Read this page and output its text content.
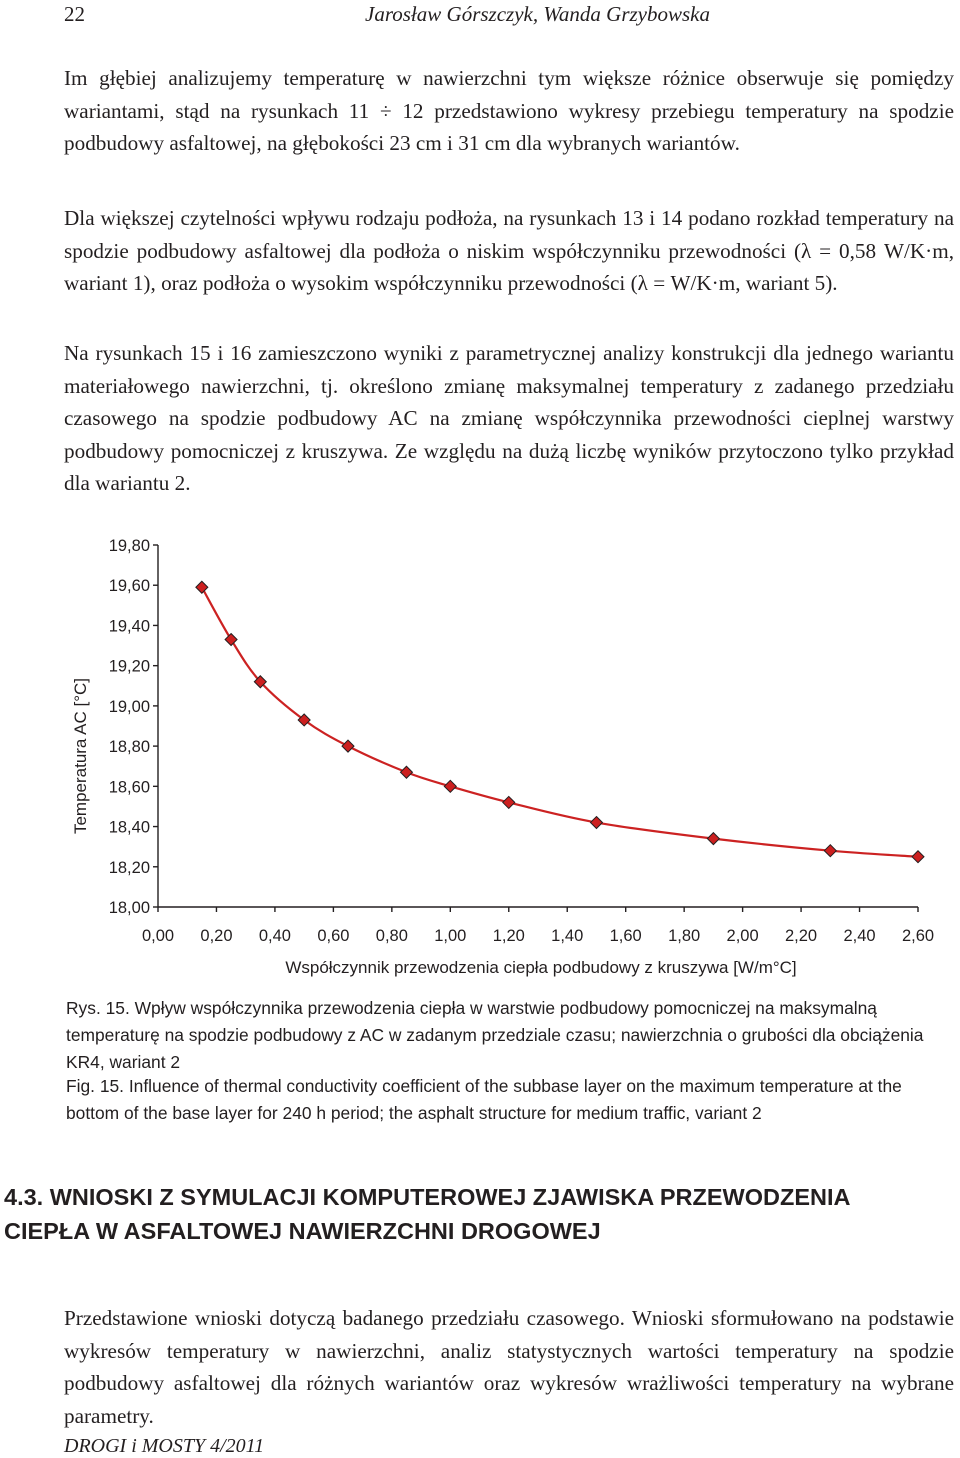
22	Jarosław Górszczyk, Wanda Grzybowska

Im głębiej analizujemy temperaturę w nawierzchni tym większe różnice obserwuje się pomiędzy wariantami, stąd na rysunkach 11 ÷ 12 przedstawiono wykresy przebiegu temperatury na spodzie podbudowy asfaltowej, na głębokości 23 cm i 31 cm dla wybranych wariantów.

Dla większej czytelności wpływu rodzaju podłoża, na rysunkach 13 i 14 podano rozkład temperatury na spodzie podbudowy asfaltowej dla podłoża o niskim współczynniku przewodności (λ = 0,58 W/K·m, wariant 1), oraz podłoża o wysokim współczynniku przewodności (λ = W/K·m, wariant 5).

Na rysunkach 15 i 16 zamieszczono wyniki z parametrycznej analizy konstrukcji dla jednego wariantu materiałowego nawierzchni, tj. określono zmianę maksymalnej temperatury z zadanego przedziału czasowego na spodzie podbudowy AC na zmianę współczynnika przewodności cieplnej warstwy podbudowy pomocniczej z kruszywa. Ze względu na dużą liczbę wyników przytoczono tylko przykład dla wariantu 2.

18,00
18,20
18,40
18,60
18,80
19,00
19,20
19,40
19,60
19,80
0,00 0,20 0,40 0,60 0,80 1,00 1,20 1,40 1,60 1,80 2,00 2,20 2,40 2,60
Temperatura AC [°C]
Współczynnik przewodzenia ciepła podbudowy z kruszywa [W/m°C]

Rys. 15. Wpływ współczynnika przewodzenia ciepła w warstwie podbudowy pomocniczej na maksymalną temperaturę na spodzie podbudowy z AC w zadanym przedziale czasu; nawierzchnia o grubości dla obciążenia KR4, wariant 2

Fig. 15. Influence of thermal conductivity coefficient of the subbase layer on the maximum temperature at the bottom of the base layer for 240 h period; the asphalt structure for medium traffic, variant 2

4.3. WNIOSKI Z SYMULACJI KOMPUTEROWEJ ZJAWISKA PRZEWODZENIA CIEPŁA W ASFALTOWEJ NAWIERZCHNI DROGOWEJ

Przedstawione wnioski dotyczą badanego przedziału czasowego. Wnioski sformułowano na podstawie wykresów temperatury w nawierzchni, analiz statystycznych wartości temperatury na spodzie podbudowy asfaltowej dla różnych wariantów oraz wykresów wrażliwości temperatury na wybrane parametry.

DROGI i MOSTY 4/2011
